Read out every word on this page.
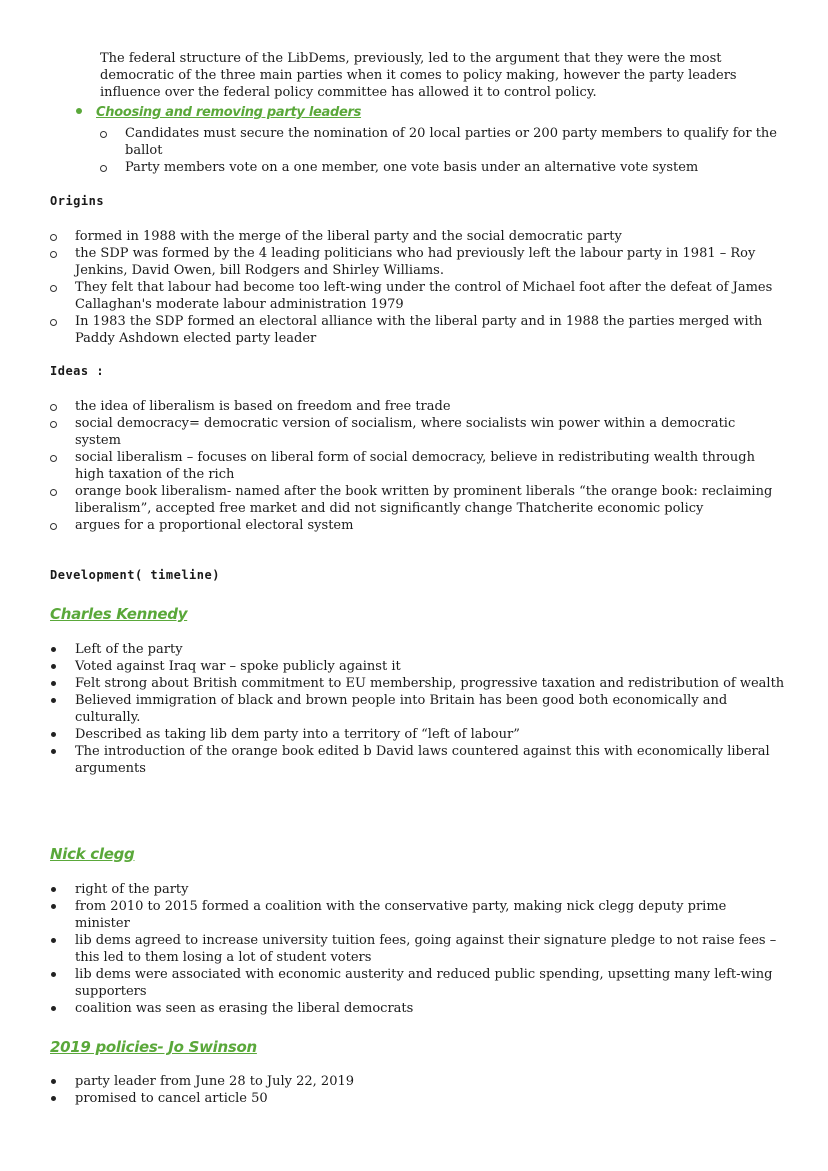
The federal structure of the LibDems, previously, led to the argument that they were the most democratic of the three main parties when it comes to policy making, however the party leaders influence over the federal policy committee has allowed it to control policy.

Choosing and removing party leaders
Candidates must secure the nomination of 20 local parties or 200 party members to qualify for the ballot
Party members vote on a one member, one vote basis under an alternative vote system
Origins
formed in 1988 with the merge of the liberal party and the social democratic party
the SDP was formed by the 4 leading politicians who had previously left the labour party in 1981 – Roy Jenkins, David Owen, bill Rodgers and Shirley Williams.
They felt that labour had become too left-wing under the control of Michael foot after the defeat of James Callaghan's moderate labour administration 1979
In 1983 the SDP formed an electoral alliance with the liberal party and in 1988 the parties merged with Paddy Ashdown elected party leader
Ideas :
the idea of liberalism is based on freedom and free trade
social democracy= democratic version of socialism, where socialists win power within a democratic system
social liberalism – focuses on liberal form of social democracy, believe in redistributing wealth through high taxation of the rich
orange book liberalism- named after the book written by prominent liberals “the orange book: reclaiming liberalism”, accepted free market and did not significantly change Thatcherite economic policy
argues for a proportional electoral system
Development( timeline)
Charles Kennedy
Left of the party
Voted against Iraq war – spoke publicly against it
Felt strong about British commitment to EU membership, progressive taxation and redistribution of wealth
Believed immigration of black and brown people into Britain has been good both economically and culturally.
Described as taking lib dem party into a territory of “left of labour”
The introduction of the orange book edited b David laws countered against this with economically liberal arguments
Nick clegg
right of the party
from 2010 to 2015 formed a coalition with the conservative party, making nick clegg deputy prime minister
lib dems agreed to increase university tuition fees, going against their signature pledge to not raise fees – this led to them losing a lot of student voters
lib dems were associated with economic austerity and reduced public spending, upsetting many left-wing supporters
coalition was seen as erasing the liberal democrats
2019 policies- Jo Swinson
party leader from June 28 to July 22, 2019
promised to cancel article 50
